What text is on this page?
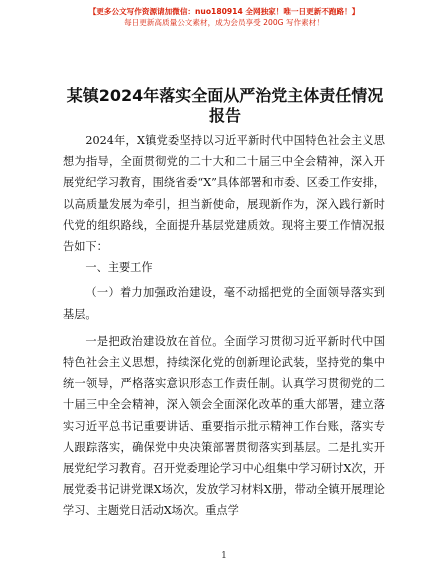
【更多公文写作资源请加微信：nuo180914 全网独家！唯一日更新不跑路！】
每日更新高质量公文素材，成为会员享受 200G 写作素材！
某镇2024年落实全面从严治党主体责任情况报告

2024年，X镇党委坚持以习近平新时代中国特色社会主义思想为指导，全面贯彻党的二十大和二十届三中全会精神，深入开展党纪学习教育，围绕省委“X”具体部署和市委、区委工作安排，以高质量发展为牵引，担当新使命，展现新作为，深入践行新时代党的组织路线，全面提升基层党建质效。现将主要工作情况报告如下：

一、主要工作

（一）着力加强政治建设，毫不动摇把党的全面领导落实到基层。

一是把政治建设放在首位。全面学习贯彻习近平新时代中国特色社会主义思想，持续深化党的创新理论武装，坚持党的集中统一领导，严格落实意识形态工作责任制。认真学习贯彻党的二十届三中全会精神，深入领会全面深化改革的重大部署，建立落实习近平总书记重要讲话、重要指示批示精神工作台账，落实专人跟踪落实，确保党中央决策部署贯彻落实到基层。二是扎实开展党纪学习教育。召开党委理论学习中心组集中学习研讨X次，开展党委书记讲党课X场次，发放学习材料X册，带动全镇开展理论学习、主题党日活动X场次。重点学

1
